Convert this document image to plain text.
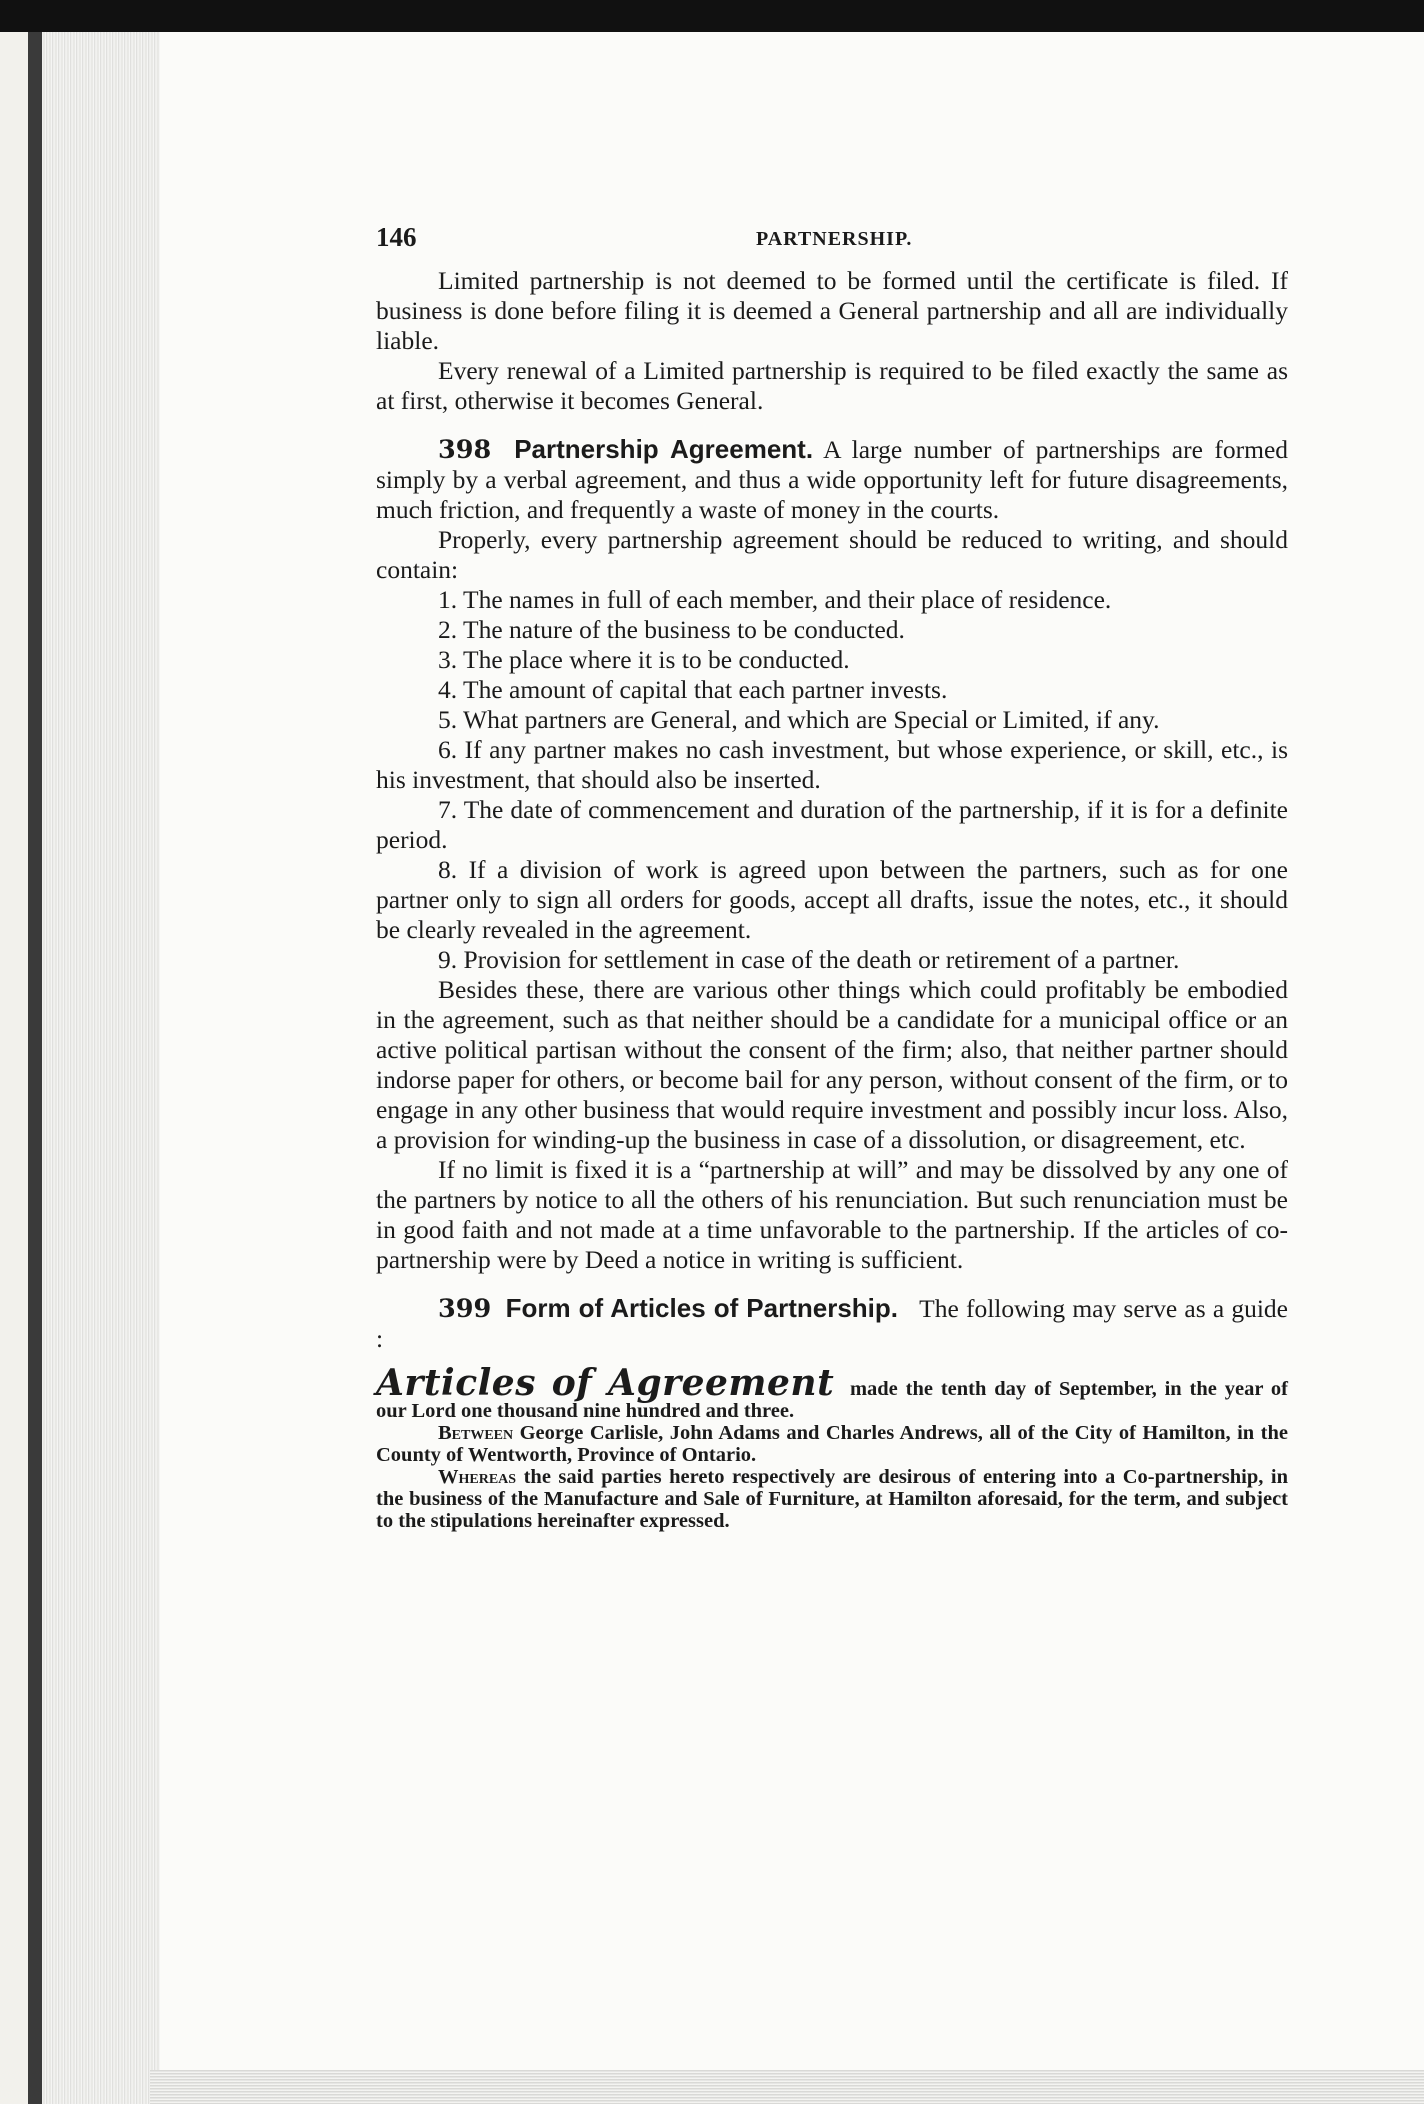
146	PARTNERSHIP.

Limited partnership is not deemed to be formed until the certificate is filed. If business is done before filing it is deemed a General partnership and all are individually liable.

Every renewal of a Limited partnership is required to be filed exactly the same as at first, otherwise it becomes General.

398 Partnership Agreement. A large number of partnerships are formed simply by a verbal agreement, and thus a wide opportunity left for future disagreements, much friction, and frequently a waste of money in the courts.

Properly, every partnership agreement should be reduced to writing, and should contain:

1. The names in full of each member, and their place of residence.

2. The nature of the business to be conducted.

3. The place where it is to be conducted.

4. The amount of capital that each partner invests.

5. What partners are General, and which are Special or Limited, if any.

6. If any partner makes no cash investment, but whose experience, or skill, etc., is his investment, that should also be inserted.

7. The date of commencement and duration of the partnership, if it is for a definite period.

8. If a division of work is agreed upon between the partners, such as for one partner only to sign all orders for goods, accept all drafts, issue the notes, etc., it should be clearly revealed in the agreement.

9. Provision for settlement in case of the death or retirement of a partner.

Besides these, there are various other things which could profitably be embodied in the agreement, such as that neither should be a candidate for a municipal office or an active political partisan without the consent of the firm; also, that neither partner should indorse paper for others, or become bail for any person, without consent of the firm, or to engage in any other business that would require investment and possibly incur loss. Also, a provision for winding-up the business in case of a dissolution, or disagreement, etc.

If no limit is fixed it is a “partnership at will” and may be dissolved by any one of the partners by notice to all the others of his renunciation. But such renunciation must be in good faith and not made at a time unfavorable to the partnership. If the articles of co-partnership were by Deed a notice in writing is sufficient.

399 Form of Articles of Partnership. The following may serve as a guide :

Articles of Agreement made the tenth day of September, in the year of our Lord one thousand nine hundred and three.

Between George Carlisle, John Adams and Charles Andrews, all of the City of Hamilton, in the County of Wentworth, Province of Ontario.

Whereas the said parties hereto respectively are desirous of entering into a Co-partnership, in the business of the Manufacture and Sale of Furniture, at Hamilton aforesaid, for the term, and subject to the stipulations hereinafter expressed.
